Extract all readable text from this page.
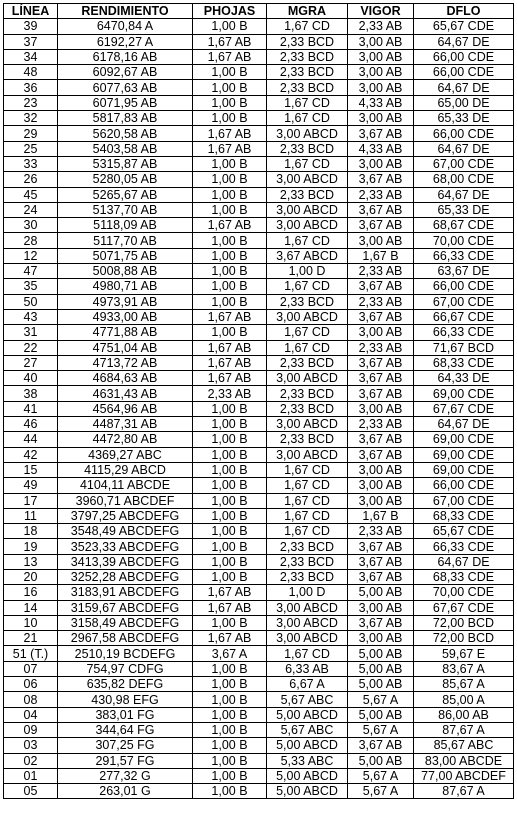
LÍNEA	RENDIMIENTO	PHOJAS	MGRA	VIGOR	DFLO
39	6470,84 A	1,00 B	1,67 CD	2,33 AB	65,67 CDE
37	6192,27 A	1,67 AB	2,33 BCD	3,00 AB	64,67 DE
34	6178,16 AB	1,67 AB	2,33 BCD	3,00 AB	66,00 CDE
48	6092,67 AB	1,00 B	2,33 BCD	3,00 AB	66,00 CDE
36	6077,63 AB	1,00 B	2,33 BCD	3,00 AB	64,67 DE
23	6071,95 AB	1,00 B	1,67 CD	4,33 AB	65,00 DE
32	5817,83 AB	1,00 B	1,67 CD	3,00 AB	65,33 DE
29	5620,58 AB	1,67 AB	3,00 ABCD	3,67 AB	66,00 CDE
25	5403,58 AB	1,67 AB	2,33 BCD	4,33 AB	64,67 DE
33	5315,87 AB	1,00 B	1,67 CD	3,00 AB	67,00 CDE
26	5280,05 AB	1,00 B	3,00 ABCD	3,67 AB	68,00 CDE
45	5265,67 AB	1,00 B	2,33 BCD	2,33 AB	64,67 DE
24	5137,70 AB	1,00 B	3,00 ABCD	3,67 AB	65,33 DE
30	5118,09 AB	1,67 AB	3,00 ABCD	3,67 AB	68,67 CDE
28	5117,70 AB	1,00 B	1,67 CD	3,00 AB	70,00 CDE
12	5071,75 AB	1,00 B	3,67 ABCD	1,67 B	66,33 CDE
47	5008,88 AB	1,00 B	1,00 D	2,33 AB	63,67 DE
35	4980,71 AB	1,00 B	1,67 CD	3,67 AB	66,00 CDE
50	4973,91 AB	1,00 B	2,33 BCD	2,33 AB	67,00 CDE
43	4933,00 AB	1,67 AB	3,00 ABCD	3,67 AB	66,67 CDE
31	4771,88 AB	1,00 B	1,67 CD	3,00 AB	66,33 CDE
22	4751,04 AB	1,67 AB	1,67 CD	2,33 AB	71,67 BCD
27	4713,72 AB	1,67 AB	2,33 BCD	3,67 AB	68,33 CDE
40	4684,63 AB	1,67 AB	3,00 ABCD	3,67 AB	64,33 DE
38	4631,43 AB	2,33 AB	2,33 BCD	3,67 AB	69,00 CDE
41	4564,96 AB	1,00 B	2,33 BCD	3,00 AB	67,67 CDE
46	4487,31 AB	1,00 B	3,00 ABCD	2,33 AB	64,67 DE
44	4472,80 AB	1,00 B	2,33 BCD	3,67 AB	69,00 CDE
42	4369,27 ABC	1,00 B	3,00 ABCD	3,67 AB	69,00 CDE
15	4115,29 ABCD	1,00 B	1,67 CD	3,00 AB	69,00 CDE
49	4104,11 ABCDE	1,00 B	1,67 CD	3,00 AB	66,00 CDE
17	3960,71 ABCDEF	1,00 B	1,67 CD	3,00 AB	67,00 CDE
11	3797,25 ABCDEFG	1,00 B	1,67 CD	1,67 B	68,33 CDE
18	3548,49 ABCDEFG	1,00 B	1,67 CD	2,33 AB	65,67 CDE
19	3523,33 ABCDEFG	1,00 B	2,33 BCD	3,67 AB	66,33 CDE
13	3413,39 ABCDEFG	1,00 B	2,33 BCD	3,67 AB	64,67 DE
20	3252,28 ABCDEFG	1,00 B	2,33 BCD	3,67 AB	68,33 CDE
16	3183,91 ABCDEFG	1,67 AB	1,00 D	5,00 AB	70,00 CDE
14	3159,67 ABCDEFG	1,67 AB	3,00 ABCD	3,00 AB	67,67 CDE
10	3158,49 ABCDEFG	1,00 B	3,00 ABCD	3,67 AB	72,00 BCD
21	2967,58 ABCDEFG	1,67 AB	3,00 ABCD	3,00 AB	72,00 BCD
51 (T.)	2510,19 BCDEFG	3,67 A	1,67 CD	5,00 AB	59,67 E
07	754,97 CDFG	1,00 B	6,33 AB	5,00 AB	83,67 A
06	635,82 DEFG	1,00 B	6,67 A	5,00 AB	85,67 A
08	430,98 EFG	1,00 B	5,67 ABC	5,67 A	85,00 A
04	383,01 FG	1,00 B	5,00 ABCD	5,00 AB	86,00 AB
09	344,64 FG	1,00 B	5,67 ABC	5,67 A	87,67 A
03	307,25 FG	1,00 B	5,00 ABCD	3,67 AB	85,67 ABC
02	291,57 FG	1,00 B	5,33 ABC	5,00 AB	83,00 ABCDE
01	277,32 G	1,00 B	5,00 ABCD	5,67 A	77,00 ABCDEF
05	263,01 G	1,00 B	5,00 ABCD	5,67 A	87,67 A
